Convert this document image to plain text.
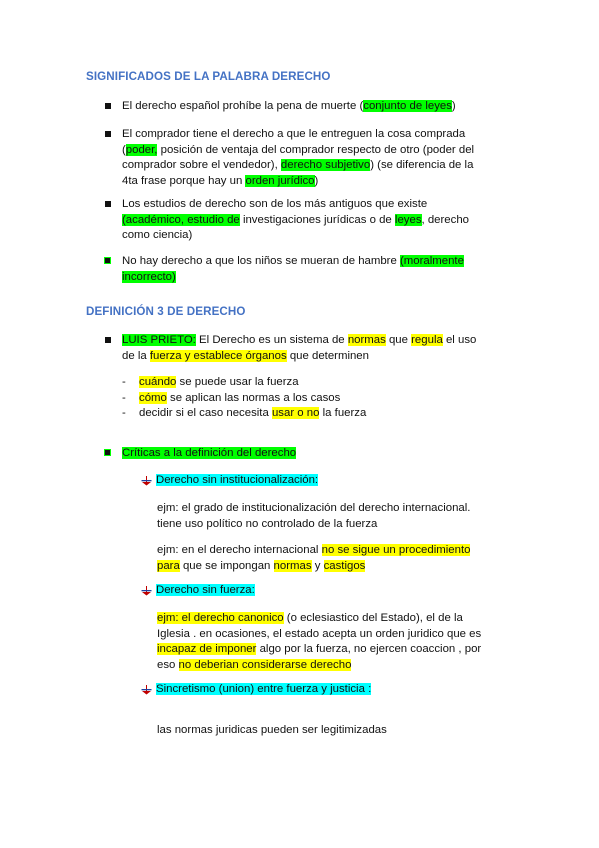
SIGNIFICADOS DE LA PALABRA DERECHO
El derecho español prohíbe la pena de muerte (conjunto de leyes)
El comprador tiene el derecho a que le entreguen la cosa comprada
(poder, posición de ventaja del comprador respecto de otro (poder del
comprador sobre el vendedor), derecho subjetivo) (se diferencia de la
4ta frase porque hay un orden jurídico)
Los estudios de derecho son de los más antiguos que existe
(académico, estudio de investigaciones jurídicas o de leyes, derecho
como ciencia)
No hay derecho a que los niños se mueran de hambre (moralmente
incorrecto)
DEFINICIÓN 3 DE DERECHO
LUIS PRIETO: El Derecho es un sistema de normas que regula el uso
de la fuerza y establece órganos que determinen
- cuándo se puede usar la fuerza
- cómo se aplican las normas a los casos
- decidir si el caso necesita usar o no la fuerza
Críticas a la definición del derecho
Derecho sin institucionalización:
ejm: el grado de institucionalización del derecho internacional.
tiene uso político no controlado de la fuerza
ejm: en el derecho internacional no se sigue un procedimiento
para que se impongan normas y castigos
Derecho sin fuerza:
ejm: el derecho canonico (o eclesiastico del Estado), el de la
Iglesia . en ocasiones, el estado acepta un orden juridico que es
incapaz de imponer algo por la fuerza, no ejercen coaccion , por
eso no deberian considerarse derecho
Sincretismo (union) entre fuerza y justicia :
las normas juridicas pueden ser legitimizadas
